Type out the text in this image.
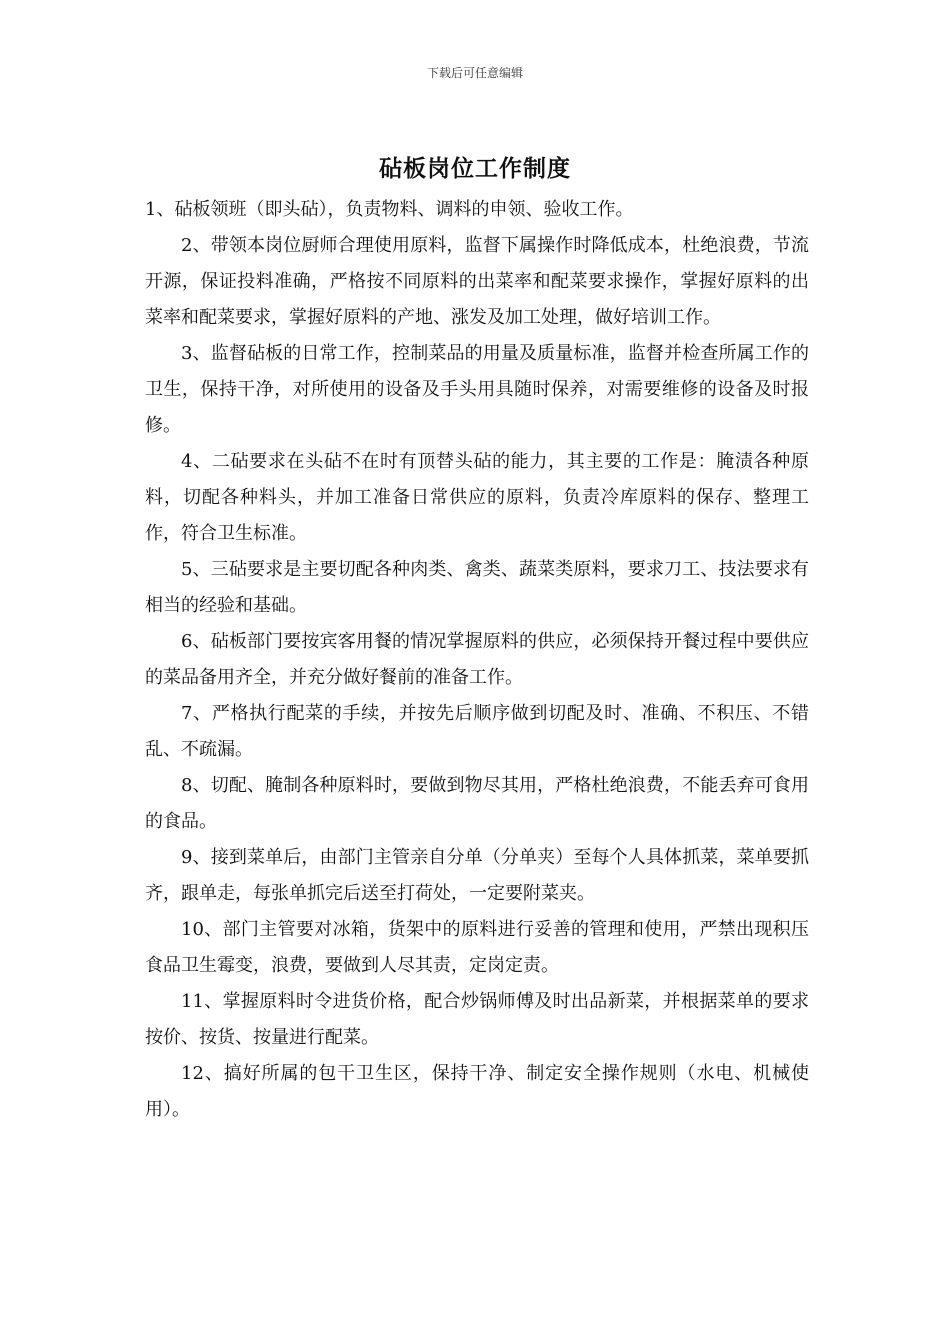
下载后可任意编辑
砧板岗位工作制度

1、砧板领班（即头砧），负责物料、调料的申领、验收工作。

2、带领本岗位厨师合理使用原料，监督下属操作时降低成本，杜绝浪费，节流开源，保证投料准确，严格按不同原料的出菜率和配菜要求操作，掌握好原料的出菜率和配菜要求，掌握好原料的产地、涨发及加工处理，做好培训工作。

3、监督砧板的日常工作，控制菜品的用量及质量标准，监督并检查所属工作的卫生，保持干净，对所使用的设备及手头用具随时保养，对需要维修的设备及时报修。

4、二砧要求在头砧不在时有顶替头砧的能力，其主要的工作是：腌渍各种原料，切配各种料头，并加工准备日常供应的原料，负责冷库原料的保存、整理工作，符合卫生标准。

5、三砧要求是主要切配各种肉类、禽类、蔬菜类原料，要求刀工、技法要求有相当的经验和基础。

6、砧板部门要按宾客用餐的情况掌握原料的供应，必须保持开餐过程中要供应的菜品备用齐全，并充分做好餐前的准备工作。

7、严格执行配菜的手续，并按先后顺序做到切配及时、准确、不积压、不错乱、不疏漏。

8、切配、腌制各种原料时，要做到物尽其用，严格杜绝浪费，不能丢弃可食用的食品。

9、接到菜单后，由部门主管亲自分单（分单夹）至每个人具体抓菜，菜单要抓齐，跟单走，每张单抓完后送至打荷处，一定要附菜夹。

10、部门主管要对冰箱，货架中的原料进行妥善的管理和使用，严禁出现积压食品卫生霉变，浪费，要做到人尽其责，定岗定责。

11、掌握原料时令进货价格，配合炒锅师傅及时出品新菜，并根据菜单的要求按价、按货、按量进行配菜。

12、搞好所属的包干卫生区，保持干净、制定安全操作规则（水电、机械使用）。
